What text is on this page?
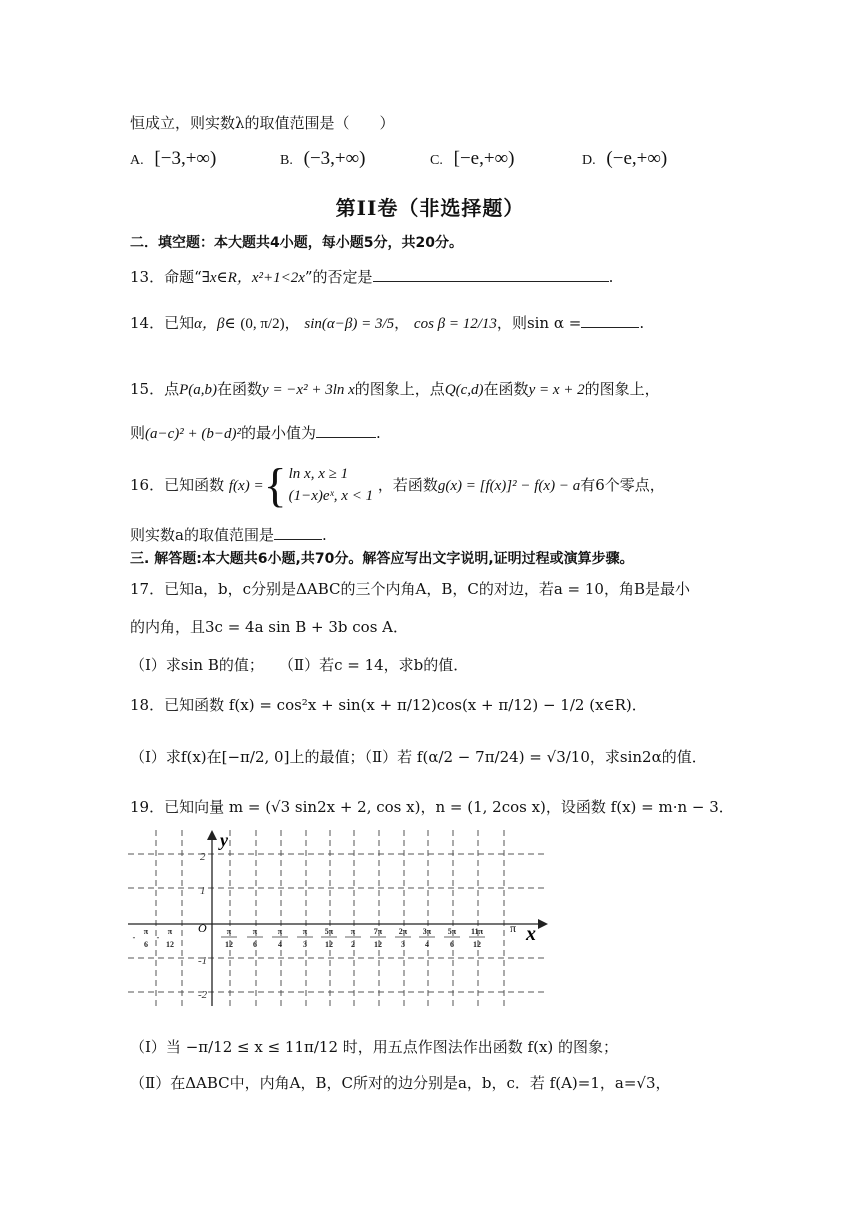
恒成立，则实数λ的取值范围是（　　）
A. [−3,+∞)	B. (−3,+∞)	C. [−e,+∞)	D. (−e,+∞)
第II卷（非选择题）
二．填空题：本大题共4小题，每小题5分，共20分。
13．命题“∃x∈R，x²+1<2x”的否定是	.
14．已知α，β∈ (0, π/2)， sin(α−β) = 3/5， cos β = 12/13，则sin α =	.
15．点P(a,b)在函数y = −x² + 3ln x的图象上，点Q(c,d)在函数y = x + 2的图象上，
则(a−c)² + (b−d)²的最小值为	.
16．已知函数 f(x) = { ln x, x ≥ 1
(1−x)eˣ, x < 1
，若函数g(x) = [f(x)]² − f(x) − a有6个零点，
则实数a的取值范围是	.
三. 解答题:本大题共6小题,共70分。解答应写出文字说明,证明过程或演算步骤。
17．已知a，b，c分别是ΔABC的三个内角A，B，C的对边，若a = 10，角B是最小
的内角，且3c = 4a sin B + 3b cos A．
（Ⅰ）求sin B的值；　　（Ⅱ）若c = 14，求b的值．
18．已知函数 f(x) = cos²x + sin(x + π/12)cos(x + π/12) − 1/2 (x∈R)．
（Ⅰ）求f(x)在[−π/2, 0]上的最值；（Ⅱ）若 f(α/2 − 7π/24) = √3/10，求sin2α的值．
19．已知向量 m = (√3 sin2x + 2, cos x)，n = (1, 2cos x)，设函数 f(x) = m·n − 3．
y
x
O
2
1
-1
-2
-
π
6
-
π
12
π
12
π
6
π
4
π
3
5π
12
π
2
7π
12
2π
3
3π
4
5π
6
11π
12
π
（Ⅰ）当 −π/12 ≤ x ≤ 11π/12 时，用五点作图法作出函数 f(x) 的图象；
（Ⅱ）在ΔABC中，内角A，B，C所对的边分别是a，b，c．若 f(A)=1，a=√3，
